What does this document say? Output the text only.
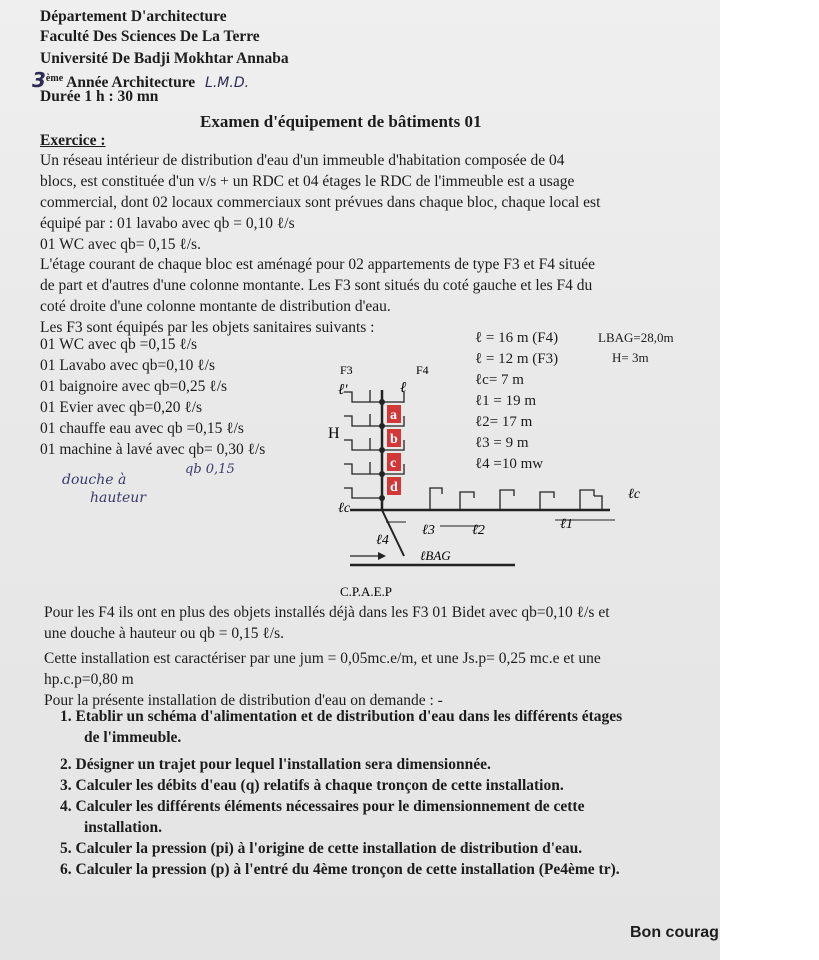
Département D'architecture
Faculté Des Sciences De La Terre
Université De Badji Mokhtar Annaba
3ème Année Architecture L.M.D.
Durée 1 h : 30 mn
Examen d'équipement de bâtiments 01
Exercice :
Un réseau intérieur de distribution d'eau d'un immeuble d'habitation composée de 04
blocs, est constituée d'un v/s + un RDC et 04 étages le RDC de l'immeuble est a usage
commercial, dont 02 locaux commerciaux sont prévues dans chaque bloc, chaque local est
équipé par : 01 lavabo avec qb = 0,10 ℓ/s
01 WC avec qb= 0,15 ℓ/s.
L'étage courant de chaque bloc est aménagé pour 02 appartements de type F3 et F4 située
de part et d'autres d'une colonne montante. Les F3 sont situés du coté gauche et les F4 du
coté droite d'une colonne montante de distribution d'eau.
Les F3 sont équipés par les objets sanitaires suivants :
01 WC avec qb =0,15 ℓ/s
01 Lavabo avec qb=0,10 ℓ/s
01 baignoire avec qb=0,25 ℓ/s
01 Evier avec qb=0,20 ℓ/s
01 chauffe eau avec qb =0,15 ℓ/s
01 machine à lavé avec qb= 0,30 ℓ/s
douche à
hauteur
qb 0,15
ℓ = 16 m (F4)
ℓ = 12 m (F3)
ℓc= 7 m
ℓ1 = 19 m
ℓ2= 17 m
ℓ3 = 9 m
ℓ4 =10 mw
LBAG=28,0m
H= 3m
a
b
c
d
F3	F4
ℓ'	ℓ
H
ℓc
ℓc
ℓ1
ℓ2
ℓ3
ℓ4
ℓBAG
C.P.A.E.P
Pour les F4 ils ont en plus des objets installés déjà dans les F3 01 Bidet avec qb=0,10 ℓ/s et
une douche à hauteur ou qb = 0,15 ℓ/s.
Cette installation est caractériser par une jum = 0,05mc.e/m, et une Js.p= 0,25 mc.e et une
hp.c.p=0,80 m
Pour la présente installation de distribution d'eau on demande : -
1. Etablir un schéma d'alimentation et de distribution d'eau dans les différents étages
de l'immeuble.
2. Désigner un trajet pour lequel l'installation sera dimensionnée.
3. Calculer les débits d'eau (q) relatifs à chaque tronçon de cette installation.
4. Calculer les différents éléments nécessaires pour le dimensionnement de cette
installation.
5. Calculer la pression (pi) à l'origine de cette installation de distribution d'eau.
6. Calculer la pression (p) à l'entré du 4ème tronçon de cette installation (Pe4ème tr).
Bon courag
